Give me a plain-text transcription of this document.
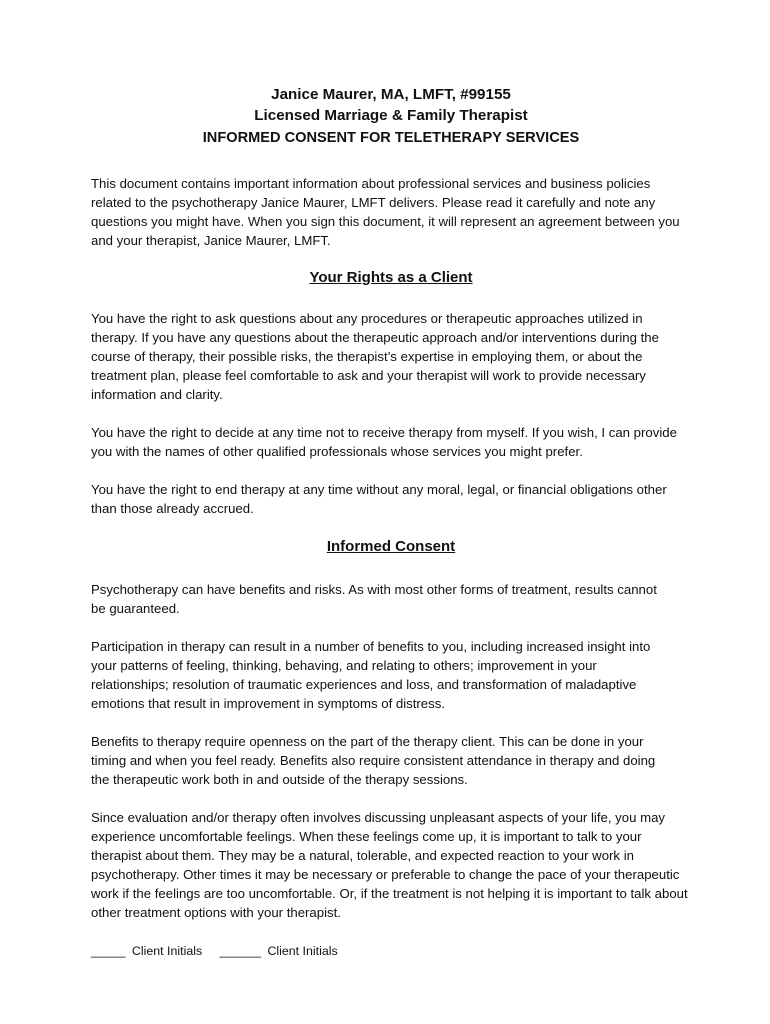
Janice Maurer, MA, LMFT, #99155
Licensed Marriage & Family Therapist
INFORMED CONSENT FOR TELETHERAPY SERVICES

This document contains important information about professional services and business policies related to the psychotherapy Janice Maurer, LMFT delivers. Please read it carefully and note any questions you might have. When you sign this document, it will represent an agreement between you and your therapist, Janice Maurer, LMFT.

Your Rights as a Client

You have the right to ask questions about any procedures or therapeutic approaches utilized in therapy. If you have any questions about the therapeutic approach and/or interventions during the course of therapy, their possible risks, the therapist’s expertise in employing them, or about the treatment plan, please feel comfortable to ask and your therapist will work to provide necessary information and clarity.

You have the right to decide at any time not to receive therapy from myself. If you wish, I can provide you with the names of other qualified professionals whose services you might prefer.

You have the right to end therapy at any time without any moral, legal, or financial obligations other than those already accrued.

Informed Consent

Psychotherapy can have benefits and risks. As with most other forms of treatment, results cannot be guaranteed.

Participation in therapy can result in a number of benefits to you, including increased insight into your patterns of feeling, thinking, behaving, and relating to others; improvement in your relationships; resolution of traumatic experiences and loss, and transformation of maladaptive emotions that result in improvement in symptoms of distress.

Benefits to therapy require openness on the part of the therapy client. This can be done in your timing and when you feel ready. Benefits also require consistent attendance in therapy and doing the therapeutic work both in and outside of the therapy sessions.

Since evaluation and/or therapy often involves discussing unpleasant aspects of your life, you may experience uncomfortable feelings. When these feelings come up, it is important to talk to your therapist about them. They may be a natural, tolerable, and expected reaction to your work in psychotherapy. Other times it may be necessary or preferable to change the pace of your therapeutic work if the feelings are too uncomfortable. Or, if the treatment is not helping it is important to talk about other treatment options with your therapist.

_____ Client Initials ______ Client Initials
